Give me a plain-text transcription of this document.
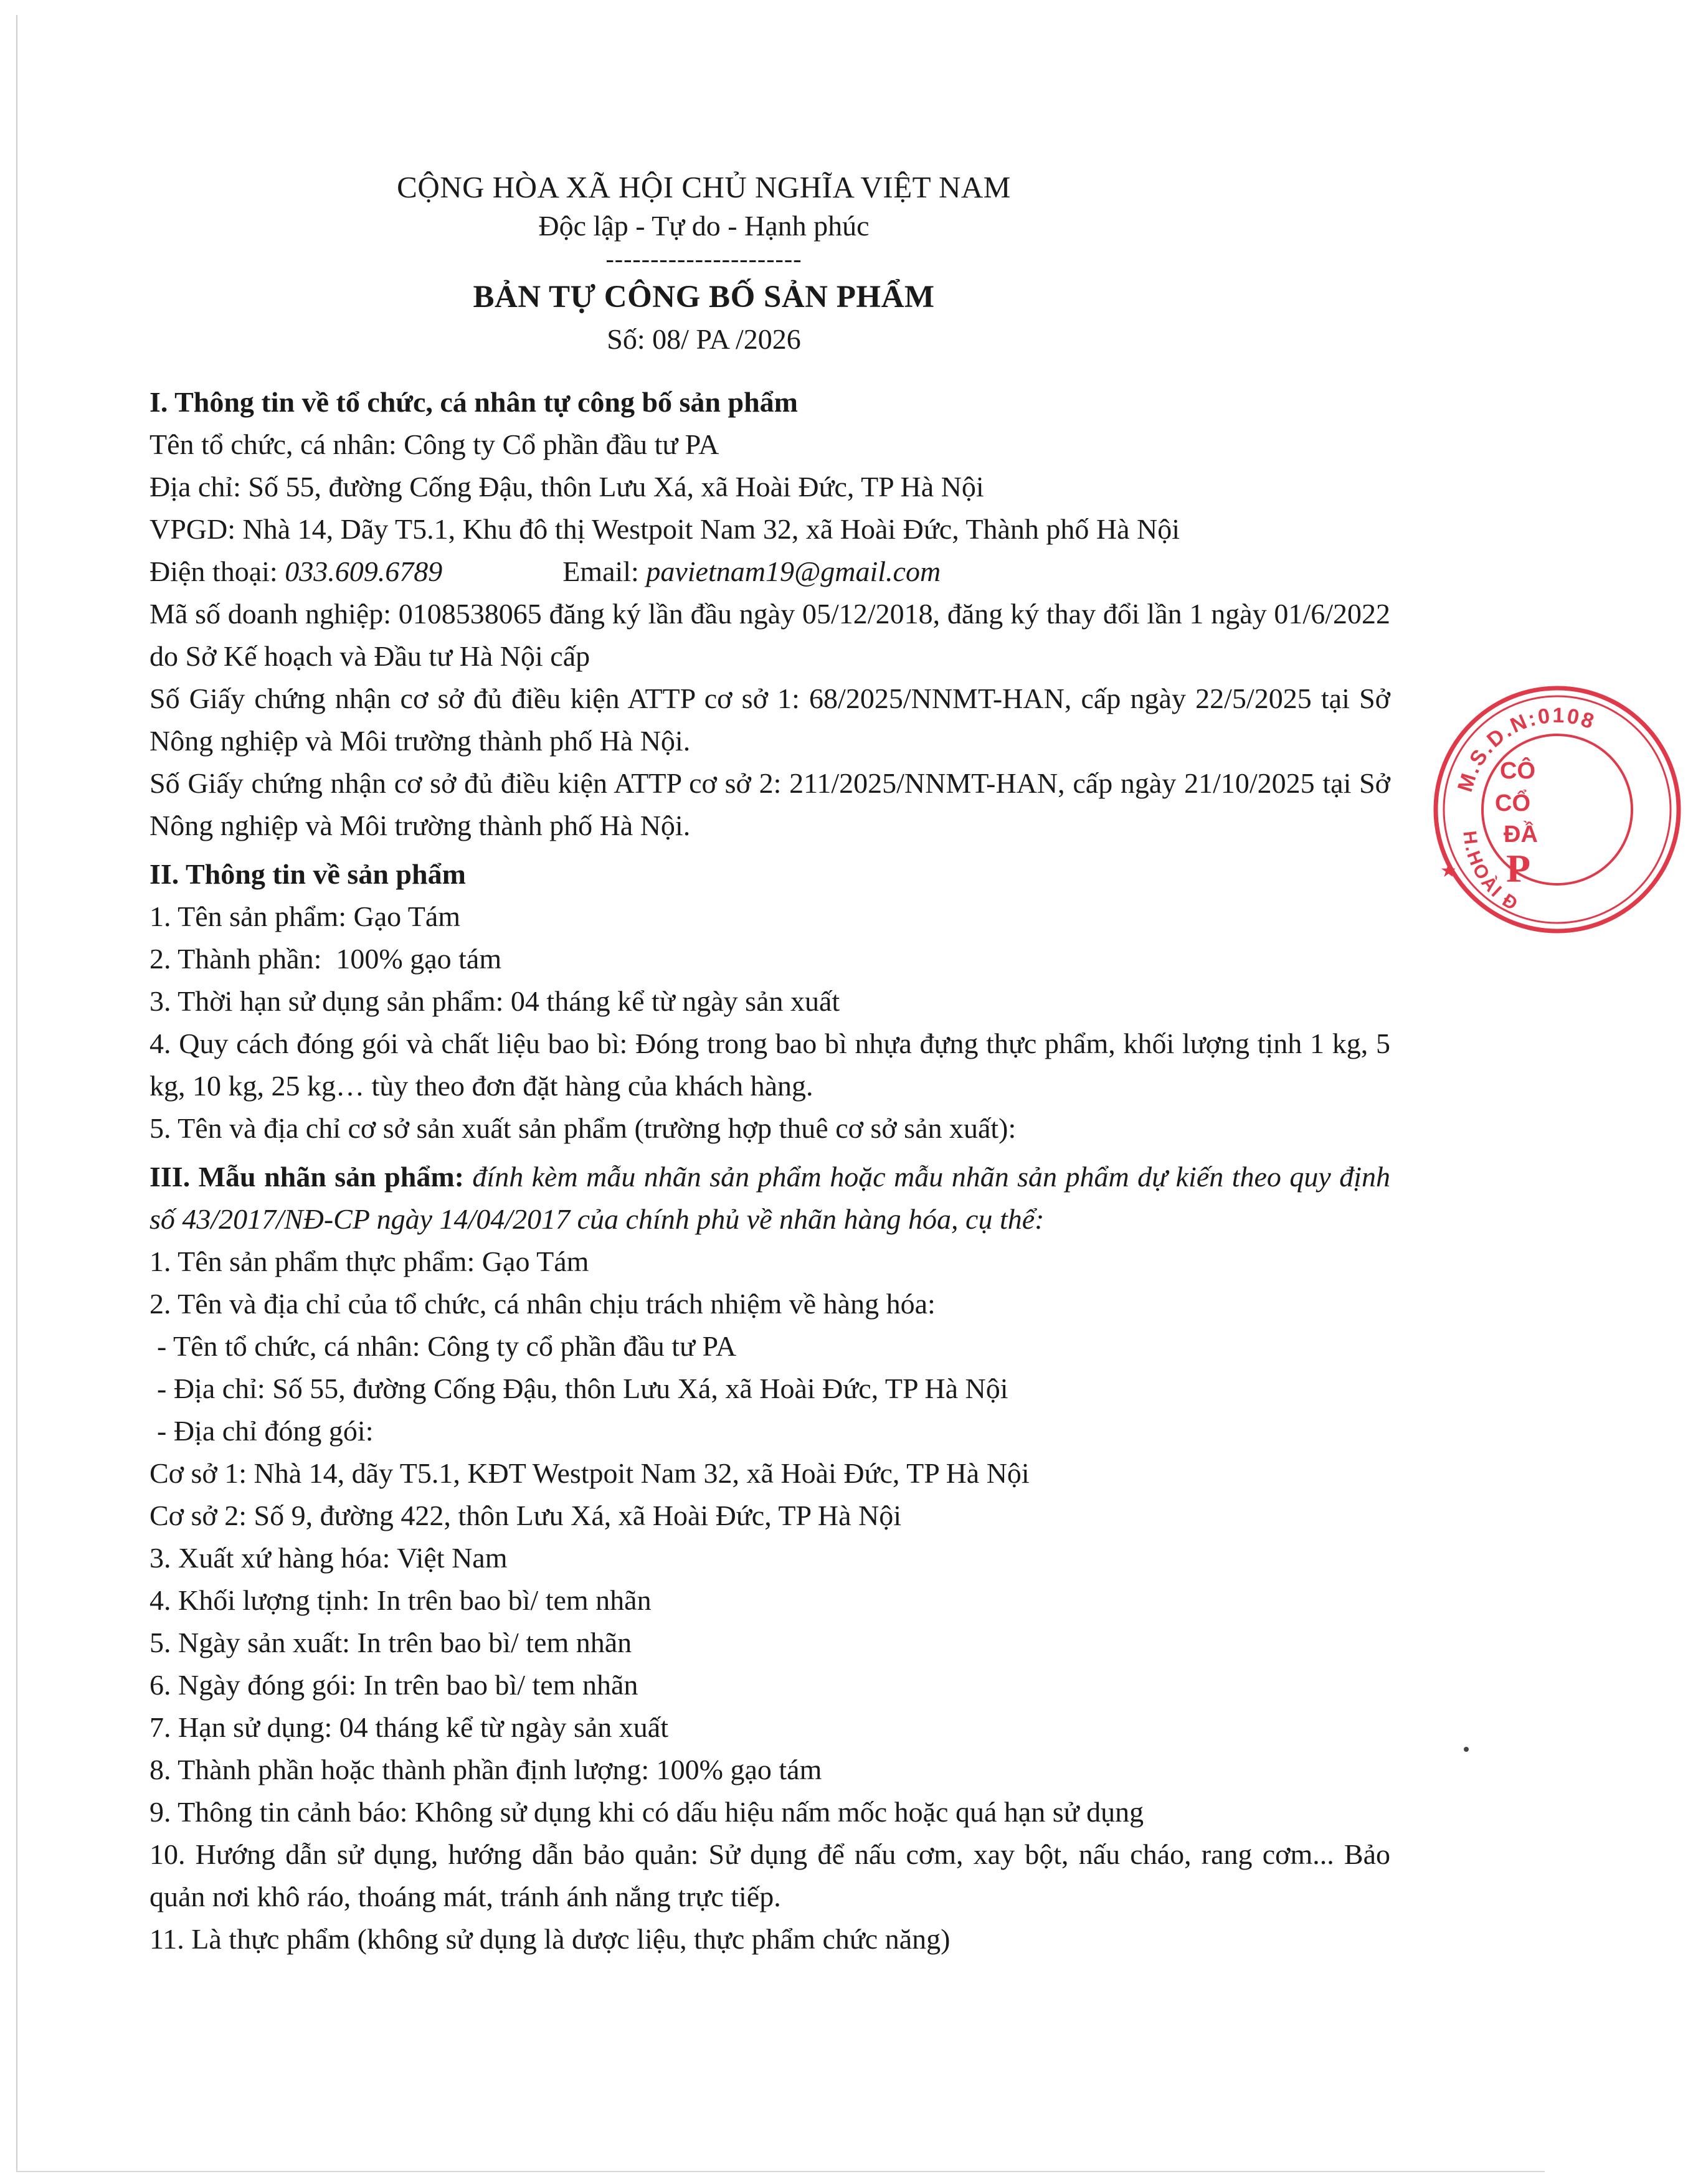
CỘNG HÒA XÃ HỘI CHỦ NGHĨA VIỆT NAM
Độc lập - Tự do - Hạnh phúc
----------------------
BẢN TỰ CÔNG BỐ SẢN PHẨM
Số: 08/ PA /2026
I. Thông tin về tổ chức, cá nhân tự công bố sản phẩm
Tên tổ chức, cá nhân: Công ty Cổ phần đầu tư PA
Địa chỉ: Số 55, đường Cống Đậu, thôn Lưu Xá, xã Hoài Đức, TP Hà Nội
VPGD: Nhà 14, Dãy T5.1, Khu đô thị Westpoit Nam 32, xã Hoài Đức, Thành phố Hà Nội
Điện thoại: 033.609.6789	Email: pavietnam19@gmail.com
Mã số doanh nghiệp: 0108538065 đăng ký lần đầu ngày 05/12/2018, đăng ký thay đổi lần 1 ngày 01/6/2022 do Sở Kế hoạch và Đầu tư Hà Nội cấp
Số Giấy chứng nhận cơ sở đủ điều kiện ATTP cơ sở 1: 68/2025/NNMT-HAN, cấp ngày 22/5/2025 tại Sở Nông nghiệp và Môi trường thành phố Hà Nội.
Số Giấy chứng nhận cơ sở đủ điều kiện ATTP cơ sở 2: 211/2025/NNMT-HAN, cấp ngày 21/10/2025 tại Sở Nông nghiệp và Môi trường thành phố Hà Nội.
II. Thông tin về sản phẩm
1. Tên sản phẩm: Gạo Tám
2. Thành phần:  100% gạo tám
3. Thời hạn sử dụng sản phẩm: 04 tháng kể từ ngày sản xuất
4. Quy cách đóng gói và chất liệu bao bì: Đóng trong bao bì nhựa đựng thực phẩm, khối lượng tịnh 1 kg, 5 kg, 10 kg, 25 kg… tùy theo đơn đặt hàng của khách hàng.
5. Tên và địa chỉ cơ sở sản xuất sản phẩm (trường hợp thuê cơ sở sản xuất):
III. Mẫu nhãn sản phẩm: đính kèm mẫu nhãn sản phẩm hoặc mẫu nhãn sản phẩm dự kiến theo quy định số 43/2017/NĐ-CP ngày 14/04/2017 của chính phủ về nhãn hàng hóa, cụ thể:
1. Tên sản phẩm thực phẩm: Gạo Tám
2. Tên và địa chỉ của tổ chức, cá nhân chịu trách nhiệm về hàng hóa:
- Tên tổ chức, cá nhân: Công ty cổ phần đầu tư PA
- Địa chỉ: Số 55, đường Cống Đậu, thôn Lưu Xá, xã Hoài Đức, TP Hà Nội
- Địa chỉ đóng gói:
Cơ sở 1: Nhà 14, dãy T5.1, KĐT Westpoit Nam 32, xã Hoài Đức, TP Hà Nội
Cơ sở 2: Số 9, đường 422, thôn Lưu Xá, xã Hoài Đức, TP Hà Nội
3. Xuất xứ hàng hóa: Việt Nam
4. Khối lượng tịnh: In trên bao bì/ tem nhãn
5. Ngày sản xuất: In trên bao bì/ tem nhãn
6. Ngày đóng gói: In trên bao bì/ tem nhãn
7. Hạn sử dụng: 04 tháng kể từ ngày sản xuất
8. Thành phần hoặc thành phần định lượng: 100% gạo tám
9. Thông tin cảnh báo: Không sử dụng khi có dấu hiệu nấm mốc hoặc quá hạn sử dụng
10. Hướng dẫn sử dụng, hướng dẫn bảo quản: Sử dụng để nấu cơm, xay bột, nấu cháo, rang cơm... Bảo quản nơi khô ráo, thoáng mát, tránh ánh nắng trực tiếp.
11. Là thực phẩm (không sử dụng là dược liệu, thực phẩm chức năng)
M.S.D.N:0108
H.HOÀI Đ
★
CÔ
CỔ
ĐẦ
P
